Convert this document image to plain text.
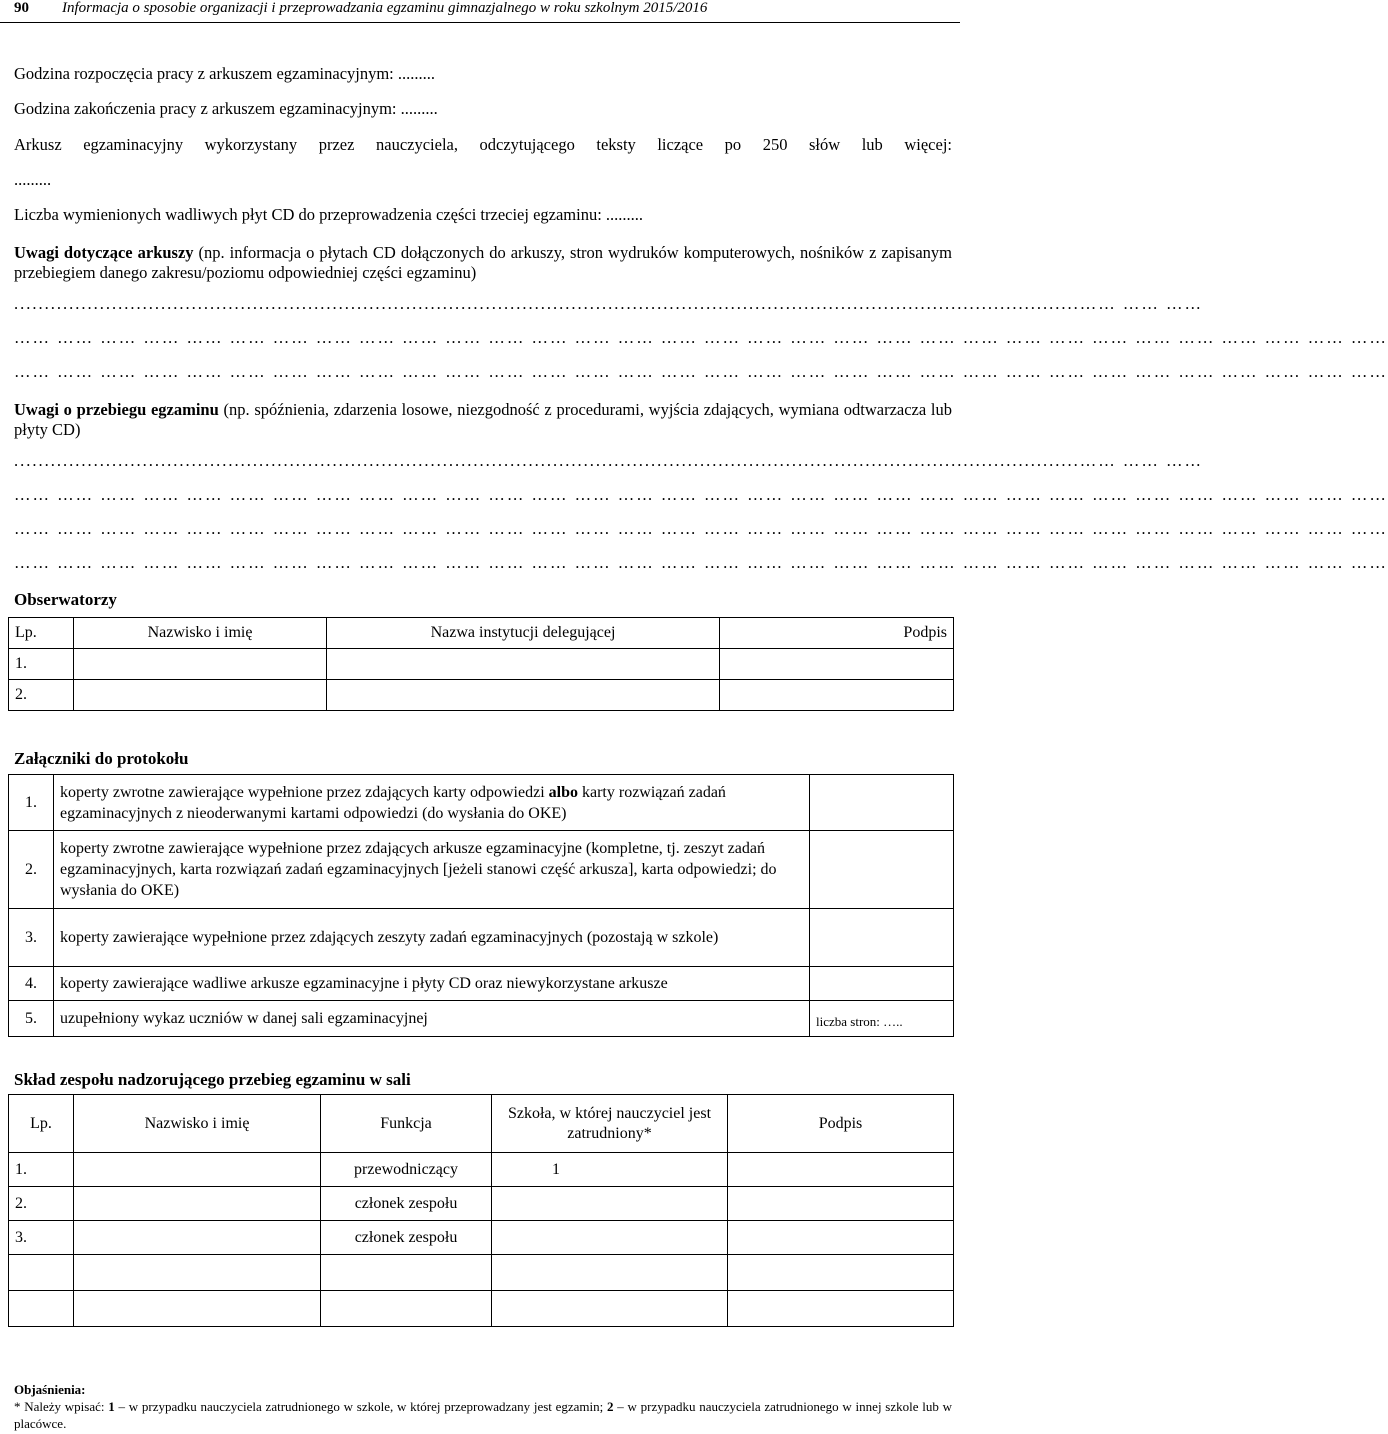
90 Informacja o sposobie organizacji i przeprowadzania egzaminu gimnazjalnego w roku szkolnym 2015/2016
Godzina rozpoczęcia pracy z arkuszem egzaminacyjnym: .........
Godzina zakończenia pracy z arkuszem egzaminacyjnym: .........
Arkusz egzaminacyjny wykorzystany przez nauczyciela, odczytującego teksty liczące po 250 słów lub więcej:
.........
Liczba wymienionych wadliwych płyt CD do przeprowadzenia części trzeciej egzaminu: .........
Uwagi dotyczące arkuszy (np. informacja o płytach CD dołączonych do arkuszy, stron wydruków komputerowych, nośników z zapisanym przebiegiem danego zakresu/poziomu odpowiedniej części egzaminu)
..............................................................................................................................................................................…… …… ……
…… …… …… …… …… …… …… …… …… …… …… …… …… …… …… …… …… …… …… …… …… …… …… …… …… …… …… …… …… …… …… ……
…… …… …… …… …… …… …… …… …… …… …… …… …… …… …… …… …… …… …… …… …… …… …… …… …… …… …… …… …… …… …… ……
Uwagi o przebiegu egzaminu (np. spóźnienia, zdarzenia losowe, niezgodność z procedurami, wyjścia zdających, wymiana odtwarzacza lub płyty CD)
..............................................................................................................................................................................…… …… ……
…… …… …… …… …… …… …… …… …… …… …… …… …… …… …… …… …… …… …… …… …… …… …… …… …… …… …… …… …… …… …… ……
…… …… …… …… …… …… …… …… …… …… …… …… …… …… …… …… …… …… …… …… …… …… …… …… …… …… …… …… …… …… …… ……
…… …… …… …… …… …… …… …… …… …… …… …… …… …… …… …… …… …… …… …… …… …… …… …… …… …… …… …… …… …… …… ……
Obserwatorzy
Lp.	Nazwisko i imię	Nazwa instytucji delegującej	Podpis
1.			
2.			
Załączniki do protokołu
1.	koperty zwrotne zawierające wypełnione przez zdających karty odpowiedzi albo karty rozwiązań zadań egzaminacyjnych z nieoderwanymi kartami odpowiedzi (do wysłania do OKE)	
2.	koperty zwrotne zawierające wypełnione przez zdających arkusze egzaminacyjne (kompletne, tj. zeszyt zadań egzaminacyjnych, karta rozwiązań zadań egzaminacyjnych [jeżeli stanowi część arkusza], karta odpowiedzi; do wysłania do OKE)	
3.	koperty zawierające wypełnione przez zdających zeszyty zadań egzaminacyjnych (pozostają w szkole)	
4.	koperty zawierające wadliwe arkusze egzaminacyjne i płyty CD oraz niewykorzystane arkusze	
5.	uzupełniony wykaz uczniów w danej sali egzaminacyjnej	liczba stron: …..
Skład zespołu nadzorującego przebieg egzaminu w sali
Lp.	Nazwisko i imię	Funkcja	Szkoła, w której nauczyciel jest zatrudniony*	Podpis
1.		przewodniczący	1	
2.		członek zespołu		
3.		członek zespołu		

Objaśnienia:
* Należy wpisać: 1 – w przypadku nauczyciela zatrudnionego w szkole, w której przeprowadzany jest egzamin; 2 – w przypadku nauczyciela zatrudnionego w innej szkole lub w placówce.
